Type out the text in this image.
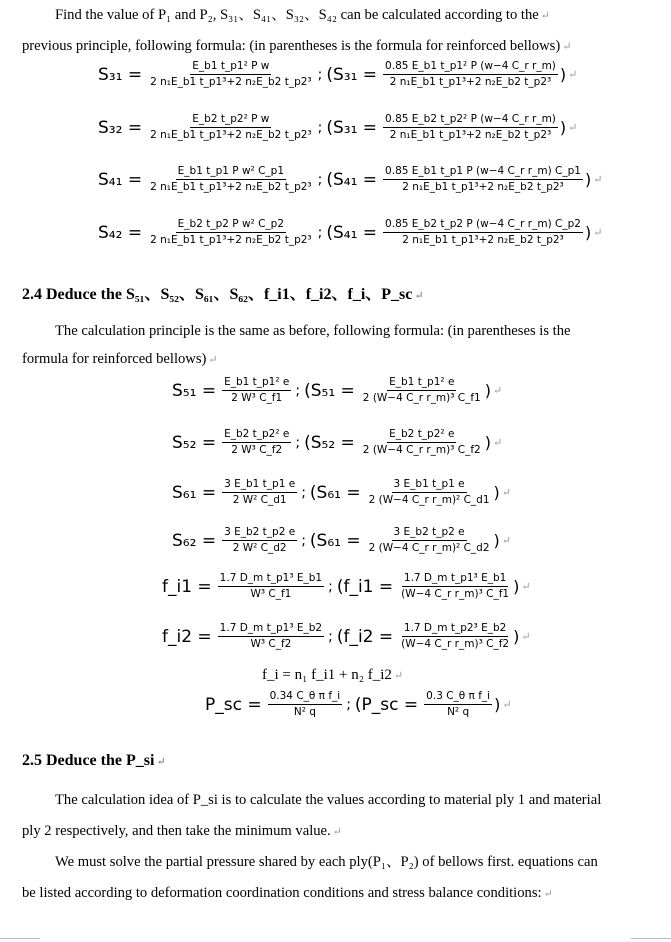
Find the value of P₁ and P₂, S₃₁、S₄₁、S₃₂、S₄₂ can be calculated according to the ↵
previous principle, following formula: (in parentheses is the formula for reinforced bellows) ↵
$S_{31} = \frac{\text{E\_b1 t\_p1² P w}}{\text{2 n₁E\_b1 t\_p1³+2 n₂E\_b2 t\_p2³}}$ ; ($S_{31} = \frac{\text{0.85 E\_b1 t\_p1² P (w−4 C\_r r\_m)}}{\text{2 n₁E\_b1 t\_p1³+2 n₂E\_b2 t\_p2³}}$ ) ↵
$S_{32} = \frac{\text{E\_b2 t\_p2² P w}}{\text{2 n₁E\_b1 t\_p1³+2 n₂E\_b2 t\_p2³}}$ ; ($S_{31} = \frac{\text{0.85 E\_b2 t\_p2² P (w−4 C\_r r\_m)}}{\text{2 n₁E\_b1 t\_p1³+2 n₂E\_b2 t\_p2³}}$ ) ↵
$S_{41} = \frac{\text{E\_b1 t\_p1 P w² C\_p1}}{\text{2 n₁E\_b1 t\_p1³+2 n₂E\_b2 t\_p2³}}$ ; ($S_{41} = \frac{\text{0.85 E\_b1 t\_p1 P (w−4 C\_r r\_m) C\_p1}}{\text{2 n₁E\_b1 t\_p1³+2 n₂E\_b2 t\_p2³}}$ ) ↵
$S_{42} = \frac{\text{E\_b2 t\_p2 P w² C\_p2}}{\text{2 n₁E\_b1 t\_p1³+2 n₂E\_b2 t\_p2³}}$ ; ($S_{41} = \frac{\text{0.85 E\_b2 t\_p2 P (w−4 C\_r r\_m) C\_p2}}{\text{2 n₁E\_b1 t\_p1³+2 n₂E\_b2 t\_p2³}}$ ) ↵
2.4 Deduce the S₅₁、S₅₂、S₆₁、S₆₂、f_i1、f_i2、f_i、P_sc ↵
The calculation principle is the same as before, following formula: (in parentheses is the
formula for reinforced bellows) ↵
$S_{51} = \frac{\text{E\_b1 t\_p1² e}}{\text{2 W³ C\_f1}}$ ; ($S_{51} = \frac{\text{E\_b1 t\_p1² e}}{\text{2 (W−4 C\_r r\_m)³ C\_f1}}$ ) ↵
$S_{52} = \frac{\text{E\_b2 t\_p2² e}}{\text{2 W³ C\_f2}}$ ; ($S_{52} = \frac{\text{E\_b2 t\_p2² e}}{\text{2 (W−4 C\_r r\_m)³ C\_f2}}$ ) ↵
$S_{61} = \frac{3 E\_b1 t\_p1 e}{\text{2 W² C\_d1}}$ ; ($S_{61} = \frac{3 E\_b1 t\_p1 e}{\text{2 (W−4 C\_r r\_m)² C\_d1}}$ ) ↵
$S_{62} = \frac{3 E\_b2 t\_p2 e}{\text{2 W² C\_d2}}$ ; ($S_{61} = \frac{3 E\_b2 t\_p2 e}{\text{2 (W−4 C\_r r\_m)² C\_d2}}$ ) ↵
f_i1 = $\frac{\text{1.7 D\_m t\_p1³ E\_b1}}{\text{W³ C\_f1}}$ ; (f_i1 = $\frac{\text{1.7 D\_m t\_p1³ E\_b1}}{\text{(W−4 C\_r r\_m)³ C\_f1}}$ ) ↵
f_i2 = $\frac{\text{1.7 D\_m t\_p1³ E\_b2}}{\text{W³ C\_f2}}$ ; (f_i2 = $\frac{\text{1.7 D\_m t\_p2³ E\_b2}}{\text{(W−4 C\_r r\_m)³ C\_f2}}$ ) ↵
f_i = n₁ f_i1 + n₂ f_i2 ↵
P_sc = $\frac{\text{0.34 C\_θ π f\_i}}{\text{N² q}}$ ; (P_sc = $\frac{\text{0.3 C\_θ π f\_i}}{\text{N² q}}$ ) ↵
2.5 Deduce the P_si ↵
The calculation idea of P_si is to calculate the values according to material ply 1 and material
ply 2 respectively, and then take the minimum value. ↵
We must solve the partial pressure shared by each ply(P₁、P₂) of bellows first. equations can
be listed according to deformation coordination conditions and stress balance conditions: ↵
